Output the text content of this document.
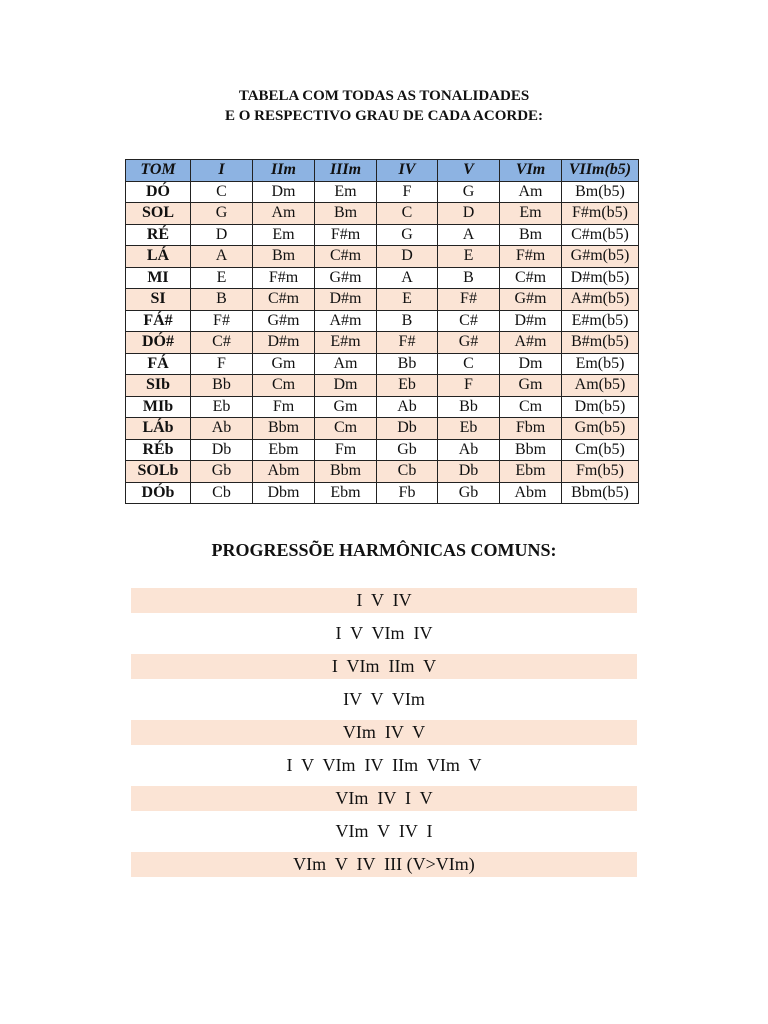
TABELA COM TODAS AS TONALIDADES
E O RESPECTIVO GRAU DE CADA ACORDE:
TOM	I	IIm	IIIm	IV	V	VIm	VIIm(b5)
DÓ	C	Dm	Em	F	G	Am	Bm(b5)
SOL	G	Am	Bm	C	D	Em	F#m(b5)
RÉ	D	Em	F#m	G	A	Bm	C#m(b5)
LÁ	A	Bm	C#m	D	E	F#m	G#m(b5)
MI	E	F#m	G#m	A	B	C#m	D#m(b5)
SI	B	C#m	D#m	E	F#	G#m	A#m(b5)
FÁ#	F#	G#m	A#m	B	C#	D#m	E#m(b5)
DÓ#	C#	D#m	E#m	F#	G#	A#m	B#m(b5)
FÁ	F	Gm	Am	Bb	C	Dm	Em(b5)
SIb	Bb	Cm	Dm	Eb	F	Gm	Am(b5)
MIb	Eb	Fm	Gm	Ab	Bb	Cm	Dm(b5)
LÁb	Ab	Bbm	Cm	Db	Eb	Fbm	Gm(b5)
RÉb	Db	Ebm	Fm	Gb	Ab	Bbm	Cm(b5)
SOLb	Gb	Abm	Bbm	Cb	Db	Ebm	Fm(b5)
DÓb	Cb	Dbm	Ebm	Fb	Gb	Abm	Bbm(b5)
PROGRESSÕE HARMÔNICAS COMUNS:
I  V  IV
I  V  VIm  IV
I  VIm  IIm  V
IV  V  VIm
VIm  IV  V
I  V  VIm  IV  IIm  VIm  V
VIm  IV  I  V
VIm  V  IV  I
VIm  V  IV  III (V>VIm)
